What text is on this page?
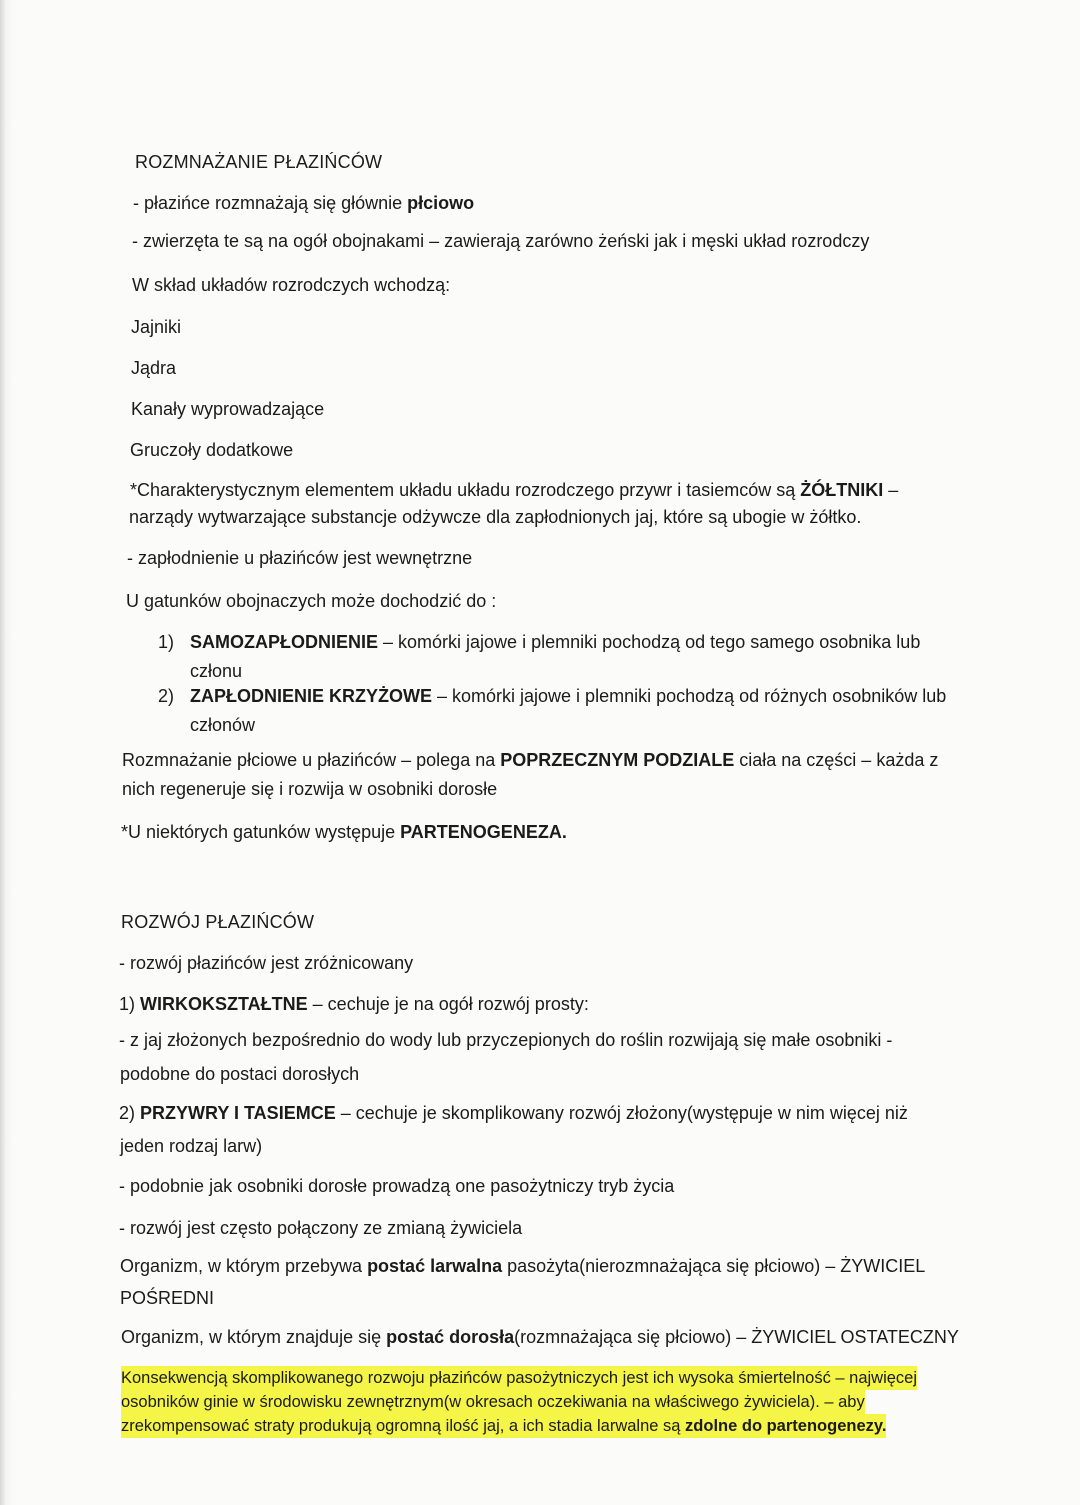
ROZMNAŻANIE PŁAZIŃCÓW
- płazińce rozmnażają się głównie płciowo
- zwierzęta te są na ogół obojnakami – zawierają zarówno żeński jak i męski układ rozrodczy
W skład układów rozrodczych wchodzą:
Jajniki
Jądra
Kanały wyprowadzające
Gruczoły dodatkowe
*Charakterystycznym elementem układu układu rozrodczego przywr i tasiemców są ŻÓŁTNIKI –
narządy wytwarzające substancje odżywcze dla zapłodnionych jaj, które są ubogie w żółtko.
- zapłodnienie u płazińców jest wewnętrzne
U gatunków obojnaczych może dochodzić do :
1) SAMOZAPŁODNIENIE – komórki jajowe i plemniki pochodzą od tego samego osobnika lub
członu
2) ZAPŁODNIENIE KRZYŻOWE – komórki jajowe i plemniki pochodzą od różnych osobników lub
członów
Rozmnażanie płciowe u płazińców – polega na POPRZECZNYM PODZIALE ciała na części – każda z
nich regeneruje się i rozwija w osobniki dorosłe
*U niektórych gatunków występuje PARTENOGENEZA.
ROZWÓJ PŁAZIŃCÓW
- rozwój płazińców jest zróżnicowany
1) WIRKOKSZTAŁTNE – cechuje je na ogół rozwój prosty:
- z jaj złożonych bezpośrednio do wody lub przyczepionych do roślin rozwijają się małe osobniki -
podobne do postaci dorosłych
2) PRZYWRY I TASIEMCE – cechuje je skomplikowany rozwój złożony(występuje w nim więcej niż
jeden rodzaj larw)
- podobnie jak osobniki dorosłe prowadzą one pasożytniczy tryb życia
- rozwój jest często połączony ze zmianą żywiciela
Organizm, w którym przebywa postać larwalna pasożyta(nierozmnażająca się płciowo) – ŻYWICIEL
POŚREDNI
Organizm, w którym znajduje się postać dorosła(rozmnażająca się płciowo) – ŻYWICIEL OSTATECZNY
Konsekwencją skomplikowanego rozwoju płazińców pasożytniczych jest ich wysoka śmiertelność – najwięcej
osobników ginie w środowisku zewnętrznym(w okresach oczekiwania na właściwego żywiciela). – aby
zrekompensować straty produkują ogromną ilość jaj, a ich stadia larwalne są zdolne do partenogenezy.
